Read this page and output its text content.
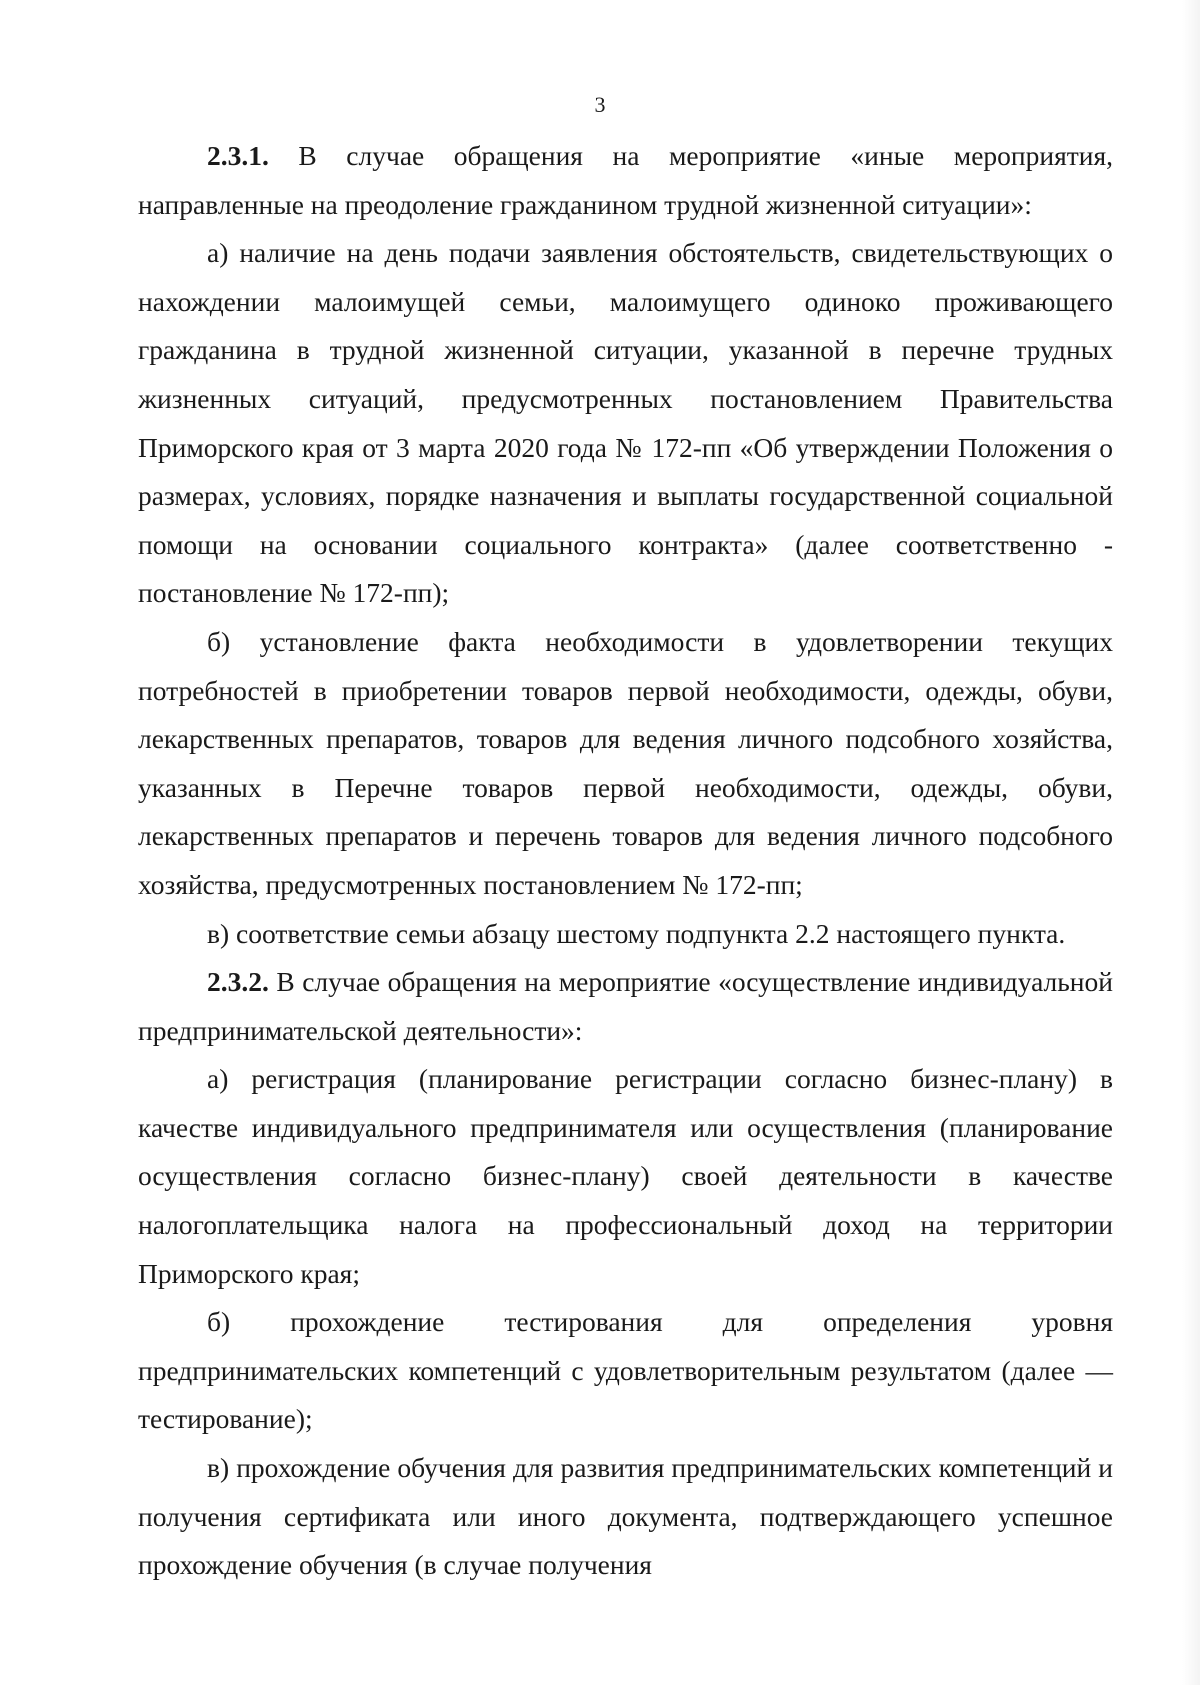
3

2.3.1. В случае обращения на мероприятие «иные мероприятия, направленные на преодоление гражданином трудной жизненной ситуации»:

а) наличие на день подачи заявления обстоятельств, свидетельствующих о нахождении малоимущей семьи, малоимущего одиноко проживающего гражданина в трудной жизненной ситуации, указанной в перечне трудных жизненных ситуаций, предусмотренных постановлением Правительства Приморского края от 3 марта 2020 года № 172-пп «Об утверждении Положения о размерах, условиях, порядке назначения и выплаты государственной социальной помощи на основании социального контракта» (далее соответственно - постановление № 172-пп);

б) установление факта необходимости в удовлетворении текущих потребностей в приобретении товаров первой необходимости, одежды, обуви, лекарственных препаратов, товаров для ведения личного подсобного хозяйства, указанных в Перечне товаров первой необходимости, одежды, обуви, лекарственных препаратов и перечень товаров для ведения личного подсобного хозяйства, предусмотренных постановлением № 172-пп;

в) соответствие семьи абзацу шестому подпункта 2.2 настоящего пункта.

2.3.2. В случае обращения на мероприятие «осуществление индивидуальной предпринимательской деятельности»:

а) регистрация (планирование регистрации согласно бизнес-плану) в качестве индивидуального предпринимателя или осуществления (планирование осуществления согласно бизнес-плану) своей деятельности в качестве налогоплательщика налога на профессиональный доход на территории Приморского края;

б) прохождение тестирования для определения уровня предпринимательских компетенций с удовлетворительным результатом (далее — тестирование);

в) прохождение обучения для развития предпринимательских компетенций и получения сертификата или иного документа, подтверждающего успешное прохождение обучения (в случае получения
